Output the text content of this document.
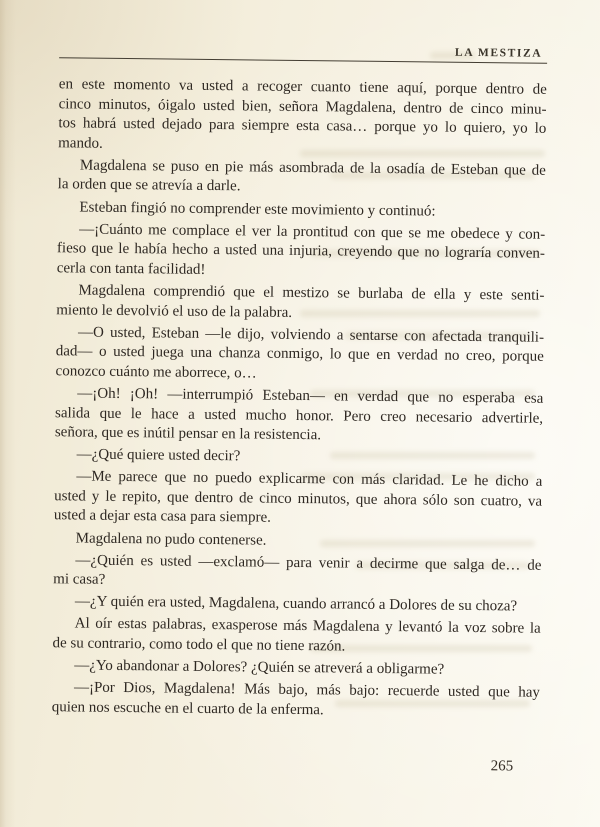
LA MESTIZA
en este momento va usted a recoger cuanto tiene aquí, porque dentro de
cinco minutos, óigalo usted bien, señora Magdalena, dentro de cinco minu-
tos habrá usted dejado para siempre esta casa… porque yo lo quiero, yo lo
mando.
Magdalena se puso en pie más asombrada de la osadía de Esteban que de
la orden que se atrevía a darle.
Esteban fingió no comprender este movimiento y continuó:
—¡Cuánto me complace el ver la prontitud con que se me obedece y con-
fieso que le había hecho a usted una injuria, creyendo que no lograría conven-
cerla con tanta facilidad!
Magdalena comprendió que el mestizo se burlaba de ella y este senti-
miento le devolvió el uso de la palabra.
—O usted, Esteban —le dijo, volviendo a sentarse con afectada tranquili-
dad— o usted juega una chanza conmigo, lo que en verdad no creo, porque
conozco cuánto me aborrece, o…
—¡Oh! ¡Oh! —interrumpió Esteban— en verdad que no esperaba esa
salida que le hace a usted mucho honor. Pero creo necesario advertirle,
señora, que es inútil pensar en la resistencia.
—¿Qué quiere usted decir?
—Me parece que no puedo explicarme con más claridad. Le he dicho a
usted y le repito, que dentro de cinco minutos, que ahora sólo son cuatro, va
usted a dejar esta casa para siempre.
Magdalena no pudo contenerse.
—¿Quién es usted —exclamó— para venir a decirme que salga de… de
mi casa?
—¿Y quién era usted, Magdalena, cuando arrancó a Dolores de su choza?
Al oír estas palabras, exasperose más Magdalena y levantó la voz sobre la
de su contrario, como todo el que no tiene razón.
—¿Yo abandonar a Dolores? ¿Quién se atreverá a obligarme?
—¡Por Dios, Magdalena! Más bajo, más bajo: recuerde usted que hay
quien nos escuche en el cuarto de la enferma.
265
